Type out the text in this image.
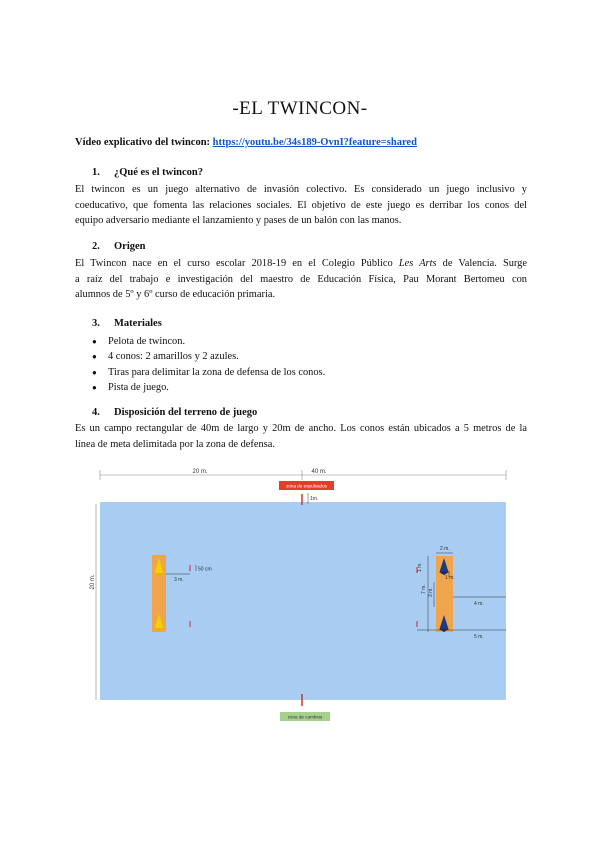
-EL TWINCON-
Vídeo explicativo del twincon: https://youtu.be/34s189-OvnI?feature=shared
1. ¿Qué es el twincon?
El twincon es un juego alternativo de invasión colectivo. Es considerado un juego inclusivo y
coeducativo, que fomenta las relaciones sociales. El objetivo de este juego es derribar los conos del
equipo adversario mediante el lanzamiento y pases de un balón con las manos.
2. Origen
El Twincon nace en el curso escolar 2018-19 en el Colegio Público Les Arts de Valencia. Surge
a raíz del trabajo e investigación del maestro de Educación Física, Pau Morant Bertomeu con
alumnos de 5º y 6º curso de educación primaria.
3. Materiales
● Pelota de twincon.
● 4 conos: 2 amarillos y 2 azules.
● Tiras para delimitar la zona de defensa de los conos.
● Pista de juego.
4. Disposición del terreno de juego
Es un campo rectangular de 40m de largo y 20m de ancho. Los conos están ubicados a 5 metros de la
línea de meta delimitada por la zona de defensa.
20 m.	40 m.
zona de expulsados
20 m.
1m.
50 cm
3 m.
2 m.
1 m.
7 m.
1 m.
3 m.
4 m.
5 m.
zona de cambios
